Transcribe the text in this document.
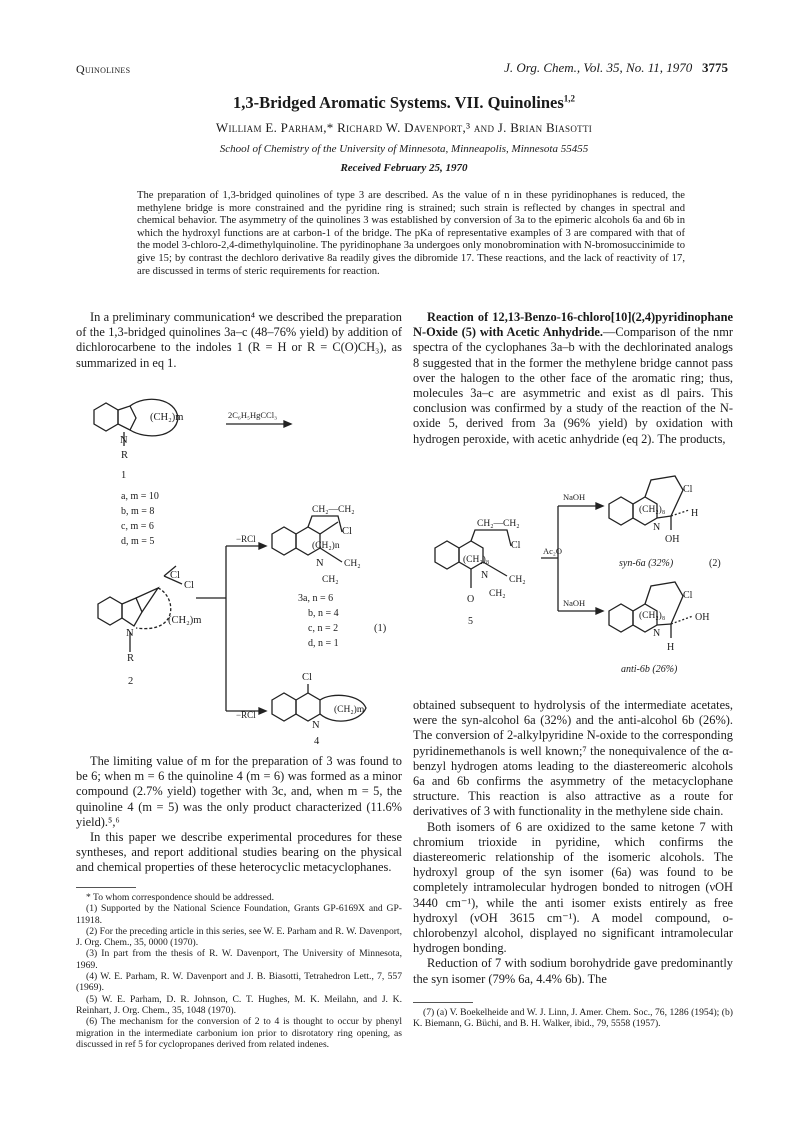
Quinolines	J. Org. Chem., Vol. 35, No. 11, 1970 3775
1,3-Bridged Aromatic Systems. VII. Quinolines$^{1,2}$
William E. Parham,* Richard W. Davenport,³ and J. Brian Biasotti
School of Chemistry of the University of Minnesota, Minneapolis, Minnesota 55455
Received February 25, 1970
The preparation of 1,3-bridged quinolines of type 3 are described. As the value of n in these pyridinophanes is reduced, the methylene bridge is more constrained and the pyridine ring is strained; such strain is reflected by changes in spectral and chemical behavior. The asymmetry of the quinolines 3 was established by conversion of 3a to the epimeric alcohols 6a and 6b in which the hydroxyl functions are at carbon-1 of the bridge. The pKa of representative examples of 3 are compared with that of the model 3-chloro-2,4-dimethylquinoline. The pyridinophane 3a undergoes only monobromination with N-bromosuccinimide to give 15; by contrast the dechloro derivative 8a readily gives the dibromide 17. These reactions, and the lack of reactivity of 17, are discussed in terms of steric requirements for reaction.

In a preliminary communication⁴ we described the preparation of the 1,3-bridged quinolines 3a–c (48–76% yield) by addition of dichlorocarbene to the indoles 1 (R = H or R = C(O)CH₃), as summarized in eq 1.

(CH₂)m	2C₆H₅HgCCl₃
N
R
1
a, m = 10
b, m = 8
c, m = 6
d, m = 5
Cl
Cl
(CH₂)m
N
R
2
−RCl
−RCl
CH₂—CH₂
Cl
(CH₂)n
N CH₂
CH₂
3a, n = 6
b, n = 4
c, n = 2
d, n = 1
(1)
Cl
(CH₂)m
N
4

The limiting value of m for the preparation of 3 was found to be 6; when m = 6 the quinoline 4 (m = 6) was formed as a minor compound (2.7% yield) together with 3c, and, when m = 5, the quinoline 4 (m = 5) was the only product characterized (11.6% yield).⁵,⁶

In this paper we describe experimental procedures for these syntheses, and report additional studies bearing on the physical and chemical properties of these heterocyclic metacyclophanes.

* To whom correspondence should be addressed.

(1) Supported by the National Science Foundation, Grants GP-6169X and GP-11918.

(2) For the preceding article in this series, see W. E. Parham and R. W. Davenport, J. Org. Chem., 35, 0000 (1970).

(3) In part from the thesis of R. W. Davenport, The University of Minnesota, 1969.

(4) W. E. Parham, R. W. Davenport and J. B. Biasotti, Tetrahedron Lett., 7, 557 (1969).

(5) W. E. Parham, D. R. Johnson, C. T. Hughes, M. K. Meilahn, and J. K. Reinhart, J. Org. Chem., 35, 1048 (1970).

(6) The mechanism for the conversion of 2 to 4 is thought to occur by phenyl migration in the intermediate carbonium ion prior to disrotatory ring opening, as discussed in ref 5 for cyclopropanes derived from related indenes.

Reaction of 12,13-Benzo-16-chloro[10](2,4)pyridinophane N-Oxide (5) with Acetic Anhydride.—Comparison of the nmr spectra of the cyclophanes 3a–b with the dechlorinated analogs 8 suggested that in the former the methylene bridge cannot pass over the halogen to the other face of the aromatic ring; thus, molecules 3a–c are asymmetric and exist as dl pairs. This conclusion was confirmed by a study of the reaction of the N-oxide 5, derived from 3a (96% yield) by oxidation with hydrogen peroxide, with acetic anhydride (eq 2). The products,

CH₂—CH₂
Cl
(CH₂)₈
N CH₂
CH₂
O
5
Ac₂O
NaOH
NaOH
Cl
(CH₂)₈
N
H
OH
syn-6a (32%)	(2)
Cl
(CH₂)₈
N
OH
H
anti-6b (26%)

obtained subsequent to hydrolysis of the intermediate acetates, were the syn-alcohol 6a (32%) and the anti-alcohol 6b (26%). The conversion of 2-alkylpyridine N-oxide to the corresponding pyridinemethanols is well known;⁷ the nonequivalence of the α-benzyl hydrogen atoms leading to the diastereomeric alcohols 6a and 6b confirms the asymmetry of the metacyclophane structure. This reaction is also attractive as a route for derivatives of 3 with functionality in the methylene side chain.

Both isomers of 6 are oxidized to the same ketone 7 with chromium trioxide in pyridine, which confirms the diastereomeric relationship of the isomeric alcohols. The hydroxyl group of the syn isomer (6a) was found to be completely intramolecular hydrogen bonded to nitrogen (νOH 3440 cm⁻¹), while the anti isomer exists entirely as free hydroxyl (νOH 3615 cm⁻¹). A model compound, o-chlorobenzyl alcohol, displayed no significant intramolecular hydrogen bonding.

Reduction of 7 with sodium borohydride gave predominantly the syn isomer (79% 6a, 4.4% 6b). The

(7) (a) V. Boekelheide and W. J. Linn, J. Amer. Chem. Soc., 76, 1286 (1954); (b) K. Biemann, G. Büchi, and B. H. Walker, ibid., 79, 5558 (1957).
